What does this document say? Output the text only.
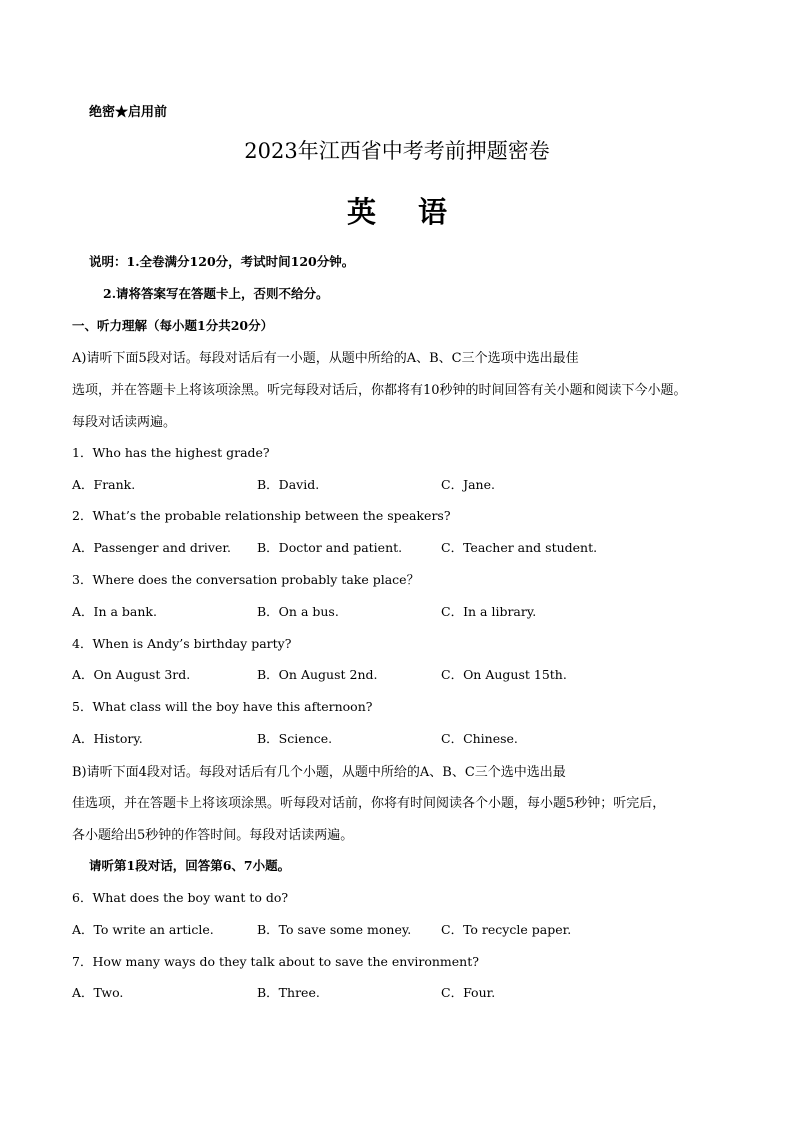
绝密★启用前
2023年江西省中考考前押题密卷
英 语
说明：1.全卷满分120分，考试时间120分钟。
2.请将答案写在答题卡上，否则不给分。
一、听力理解（每小题1分共20分）
A)请听下面5段对话。每段对话后有一小题，从题中所给的A、B、C三个选项中选出最佳
选项，并在答题卡上将该项涂黑。听完每段对话后，你都将有10秒钟的时间回答有关小题和阅读下今小题。
每段对话读两遍。
1．Who has the highest grade?
A．Frank.	B．David.	C．Jane.
2．What’s the probable relationship between the speakers?
A．Passenger and driver. B．Doctor and patient.	C．Teacher and student.
3．Where does the conversation probably take place？
A．In a bank.	B．On a bus.	C．In a library.
4．When is Andy’s birthday party?
A．On August 3rd.	B．On August 2nd.	C．On August 15th.
5．What class will the boy have this afternoon?
A．History.	B．Science.	C．Chinese.
B)请听下面4段对话。每段对话后有几个小题，从题中所给的A、B、C三个选中选出最
佳选项，并在答题卡上将该项涂黑。听每段对话前，你将有时间阅读各个小题，每小题5秒钟；听完后，
各小题给出5秒钟的作答时间。每段对话读两遍。
请听第1段对话，回答第6、7小题。
6．What does the boy want to do?
A．To write an article.	B．To save some money. C．To recycle paper.
7．How many ways do they talk about to save the environment?
A．Two.	B．Three.	C．Four.
